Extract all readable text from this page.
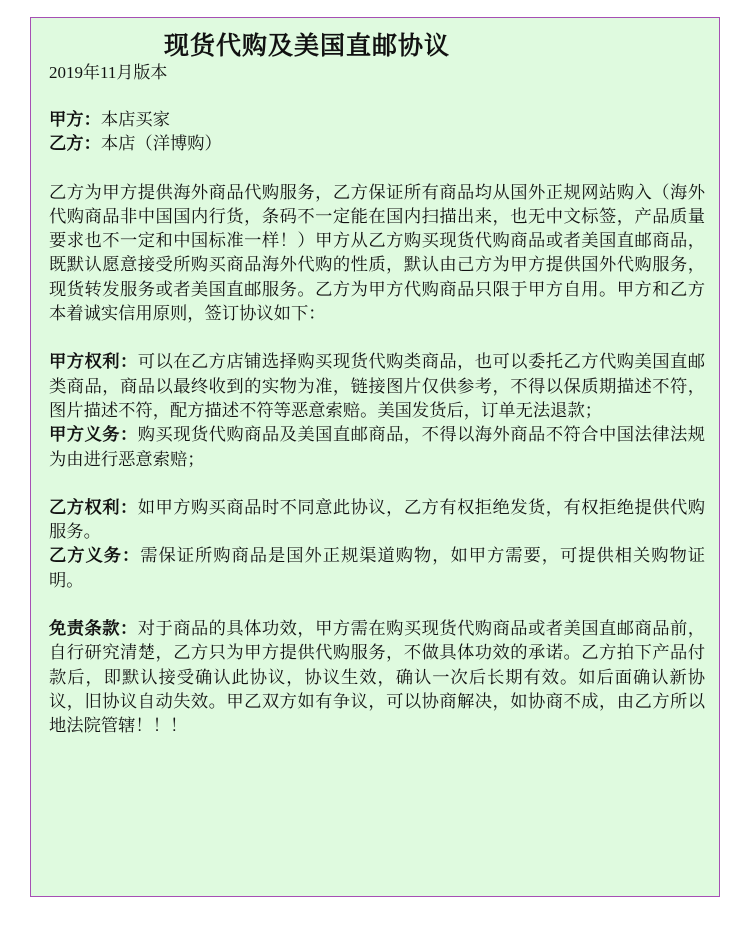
现货代购及美国直邮协议
2019年11月版本

甲方：本店买家

乙方：本店（洋博购）

乙方为甲方提供海外商品代购服务，乙方保证所有商品均从国外正规网站购入（海外代购商品非中国国内行货，条码不一定能在国内扫描出来，也无中文标签，产品质量要求也不一定和中国标准一样！）甲方从乙方购买现货代购商品或者美国直邮商品，既默认愿意接受所购买商品海外代购的性质，默认由己方为甲方提供国外代购服务，现货转发服务或者美国直邮服务。乙方为甲方代购商品只限于甲方自用。甲方和乙方本着诚实信用原则，签订协议如下：

甲方权利：可以在乙方店铺选择购买现货代购类商品，也可以委托乙方代购美国直邮类商品，商品以最终收到的实物为准，链接图片仅供参考，不得以保质期描述不符，图片描述不符，配方描述不符等恶意索赔。美国发货后，订单无法退款；

甲方义务：购买现货代购商品及美国直邮商品，不得以海外商品不符合中国法律法规为由进行恶意索赔；

乙方权利：如甲方购买商品时不同意此协议，乙方有权拒绝发货，有权拒绝提供代购服务。

乙方义务：需保证所购商品是国外正规渠道购物，如甲方需要，可提供相关购物证明。

免责条款：对于商品的具体功效，甲方需在购买现货代购商品或者美国直邮商品前，自行研究清楚，乙方只为甲方提供代购服务，不做具体功效的承诺。乙方拍下产品付款后，即默认接受确认此协议，协议生效，确认一次后长期有效。如后面确认新协议，旧协议自动失效。甲乙双方如有争议，可以协商解决，如协商不成，由乙方所以地法院管辖！！！
